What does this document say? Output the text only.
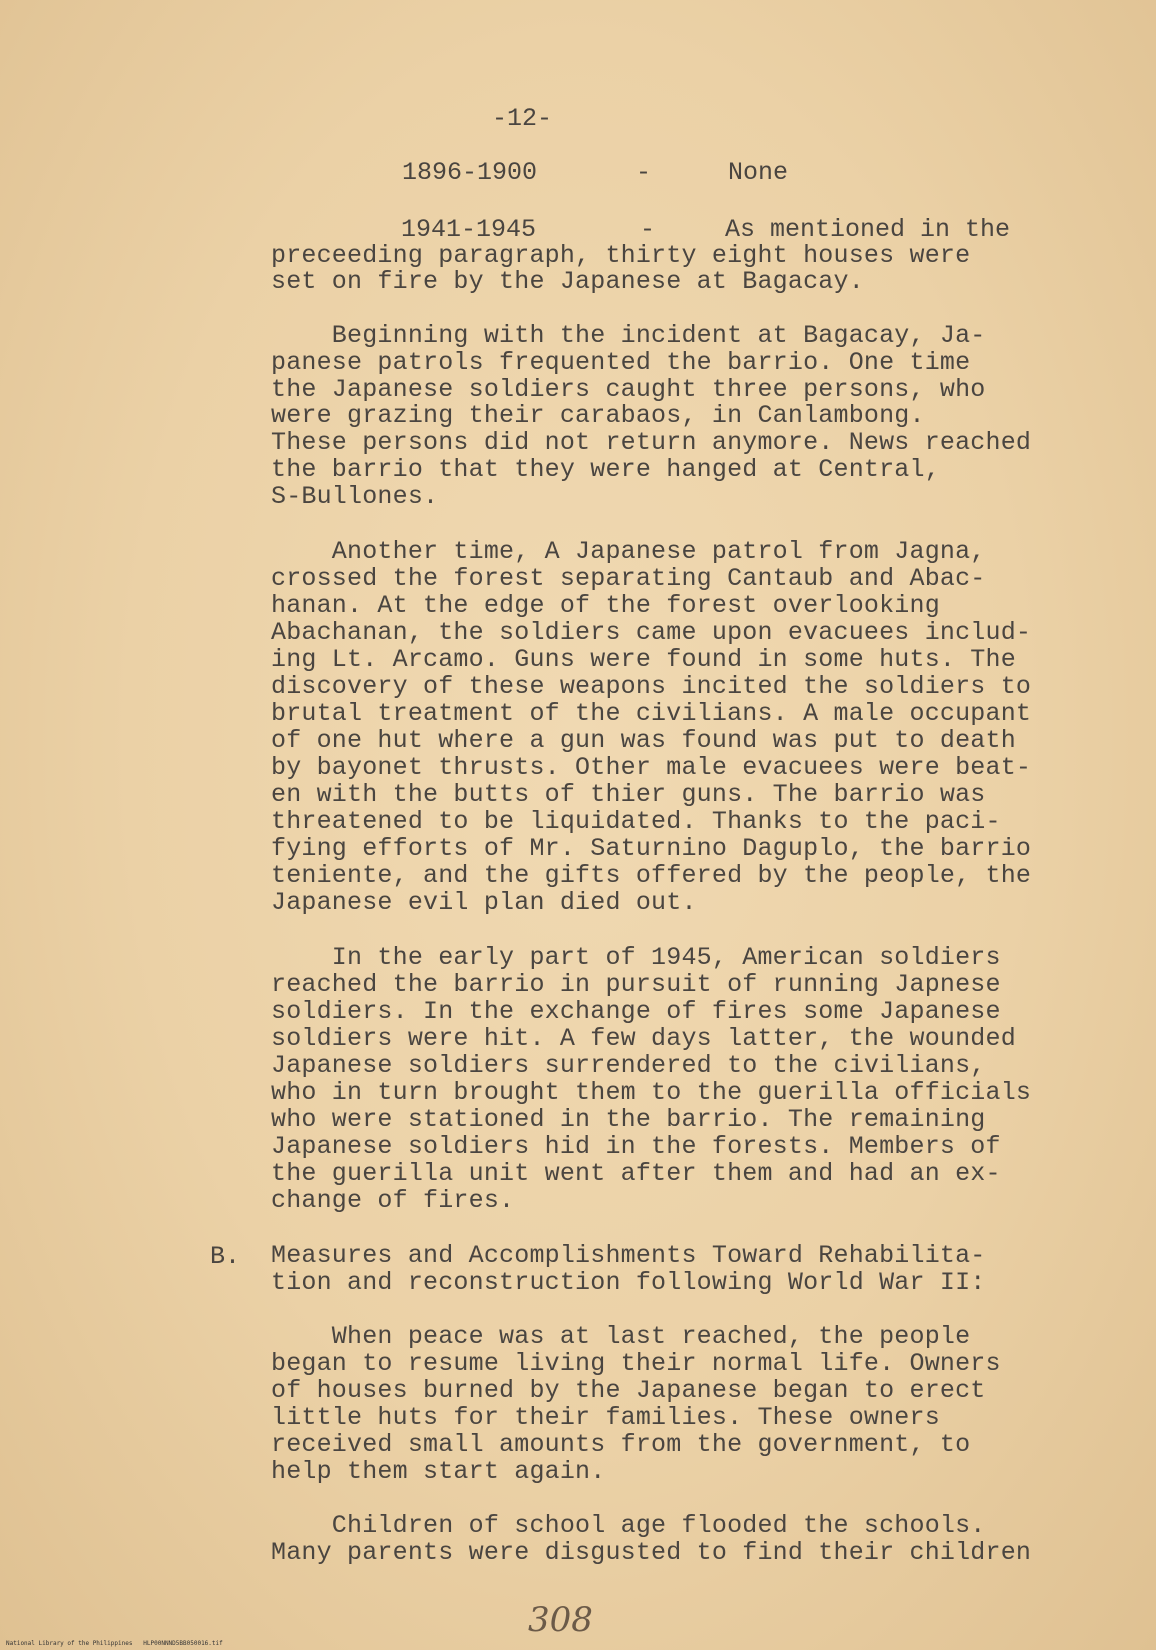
-12-
1896-1900	-	None
1941-1945	-	As mentioned in the
preceeding paragraph, thirty eight houses were
set on fire by the Japanese at Bagacay.
Beginning with the incident at Bagacay, Ja-
panese patrols frequented the barrio. One time
the Japanese soldiers caught three persons, who
were grazing their carabaos, in Canlambong.
These persons did not return anymore. News reached
the barrio that they were hanged at Central,
S-Bullones.
Another time, A Japanese patrol from Jagna,
crossed the forest separating Cantaub and Abac-
hanan. At the edge of the forest overlooking
Abachanan, the soldiers came upon evacuees includ-
ing Lt. Arcamo. Guns were found in some huts. The
discovery of these weapons incited the soldiers to
brutal treatment of the civilians. A male occupant
of one hut where a gun was found was put to death
by bayonet thrusts. Other male evacuees were beat-
en with the butts of thier guns. The barrio was
threatened to be liquidated. Thanks to the paci-
fying efforts of Mr. Saturnino Daguplo, the barrio
teniente, and the gifts offered by the people, the
Japanese evil plan died out.
In the early part of 1945, American soldiers
reached the barrio in pursuit of running Japnese
soldiers. In the exchange of fires some Japanese
soldiers were hit. A few days latter, the wounded
Japanese soldiers surrendered to the civilians,
who in turn brought them to the guerilla officials
who were stationed in the barrio. The remaining
Japanese soldiers hid in the forests. Members of
the guerilla unit went after them and had an ex-
change of fires.
B. Measures and Accomplishments Toward Rehabilita-
tion and reconstruction following World War II:
When peace was at last reached, the people
began to resume living their normal life. Owners
of houses burned by the Japanese began to erect
little huts for their families. These owners
received small amounts from the government, to
help them start again.
Children of school age flooded the schools.
Many parents were disgusted to find their children
308
National Library of the Philippines   HLP00NNND5BB050016.tif
